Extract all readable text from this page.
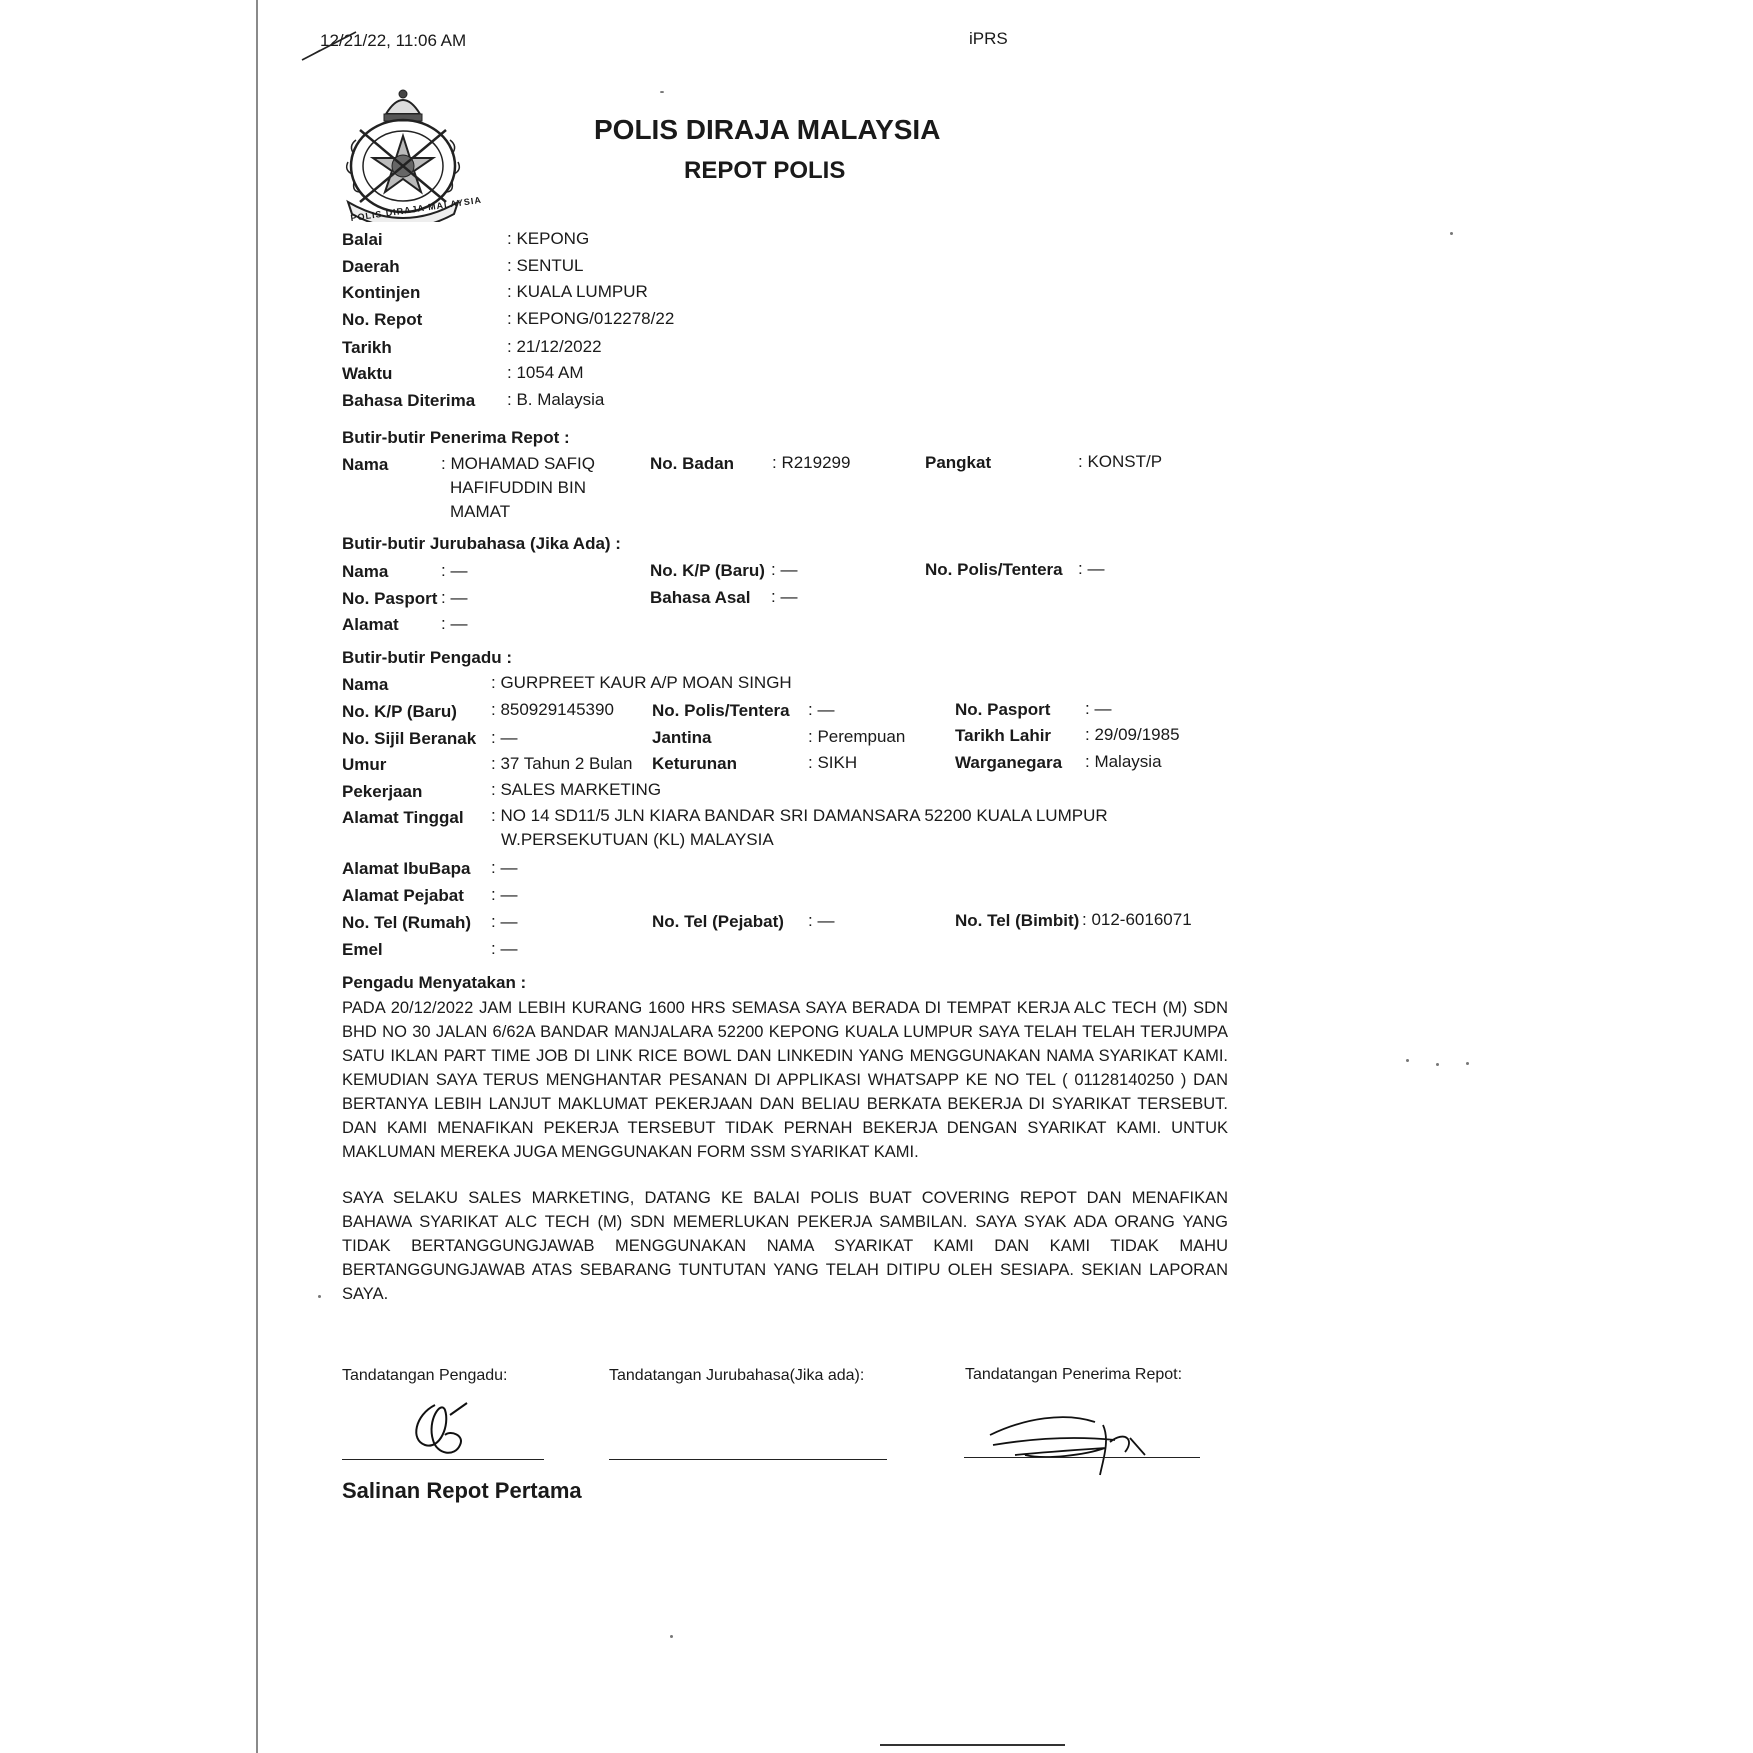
12/21/22, 11:06 AM	iPRS
POLIS DIRAJA MALAYSIA
POLIS DIRAJA MALAYSIA
REPOT POLIS
Balai	: KEPONG
Daerah	: SENTUL
Kontinjen	: KUALA LUMPUR
No. Repot	: KEPONG/012278/22
Tarikh	: 21/12/2022
Waktu	: 1054 AM
Bahasa Diterima : B. Malaysia
Butir-butir Penerima Repot :
Nama	: MOHAMAD SAFIQ
HAFIFUDDIN BIN
MAMAT
No. Badan : R219299	Pangkat	: KONST/P
Butir-butir Jurubahasa (Jika Ada) :
Nama	: —	No. K/P (Baru) : —	No. Polis/Tentera : —
No. Pasport : —	Bahasa Asal : —
Alamat : —
Butir-butir Pengadu :
Nama	: GURPREET KAUR A/P MOAN SINGH
No. K/P (Baru) : 850929145390 No. Polis/Tentera : —	No. Pasport : —
No. Sijil Beranak : —	Jantina	: Perempuan	Tarikh Lahir : 29/09/1985
Umur	: 37 Tahun 2 Bulan Keturunan	: SIKH	Warganegara : Malaysia
Pekerjaan	: SALES MARKETING
Alamat Tinggal : NO 14 SD11/5 JLN KIARA BANDAR SRI DAMANSARA 52200 KUALA LUMPUR
W.PERSEKUTUAN (KL) MALAYSIA
Alamat IbuBapa : —
Alamat Pejabat : —
No. Tel (Rumah) : —	No. Tel (Pejabat) : —	No. Tel (Bimbit) : 012-6016071
Emel	: —
Pengadu Menyatakan :
PADA 20/12/2022 JAM LEBIH KURANG 1600 HRS SEMASA SAYA BERADA DI TEMPAT KERJA ALC TECH (M) SDN BHD NO 30 JALAN 6/62A BANDAR MANJALARA 52200 KEPONG KUALA LUMPUR SAYA TELAH TELAH TERJUMPA SATU IKLAN PART TIME JOB DI LINK RICE BOWL DAN LINKEDIN YANG MENGGUNAKAN NAMA SYARIKAT KAMI. KEMUDIAN SAYA TERUS MENGHANTAR PESANAN DI APPLIKASI WHATSAPP KE NO TEL ( 01128140250 ) DAN BERTANYA LEBIH LANJUT MAKLUMAT PEKERJAAN DAN BELIAU BERKATA BEKERJA DI SYARIKAT TERSEBUT. DAN KAMI MENAFIKAN PEKERJA TERSEBUT TIDAK PERNAH BEKERJA DENGAN SYARIKAT KAMI. UNTUK MAKLUMAN MEREKA JUGA MENGGUNAKAN FORM SSM SYARIKAT KAMI.
SAYA SELAKU SALES MARKETING, DATANG KE BALAI POLIS BUAT COVERING REPOT DAN MENAFIKAN BAHAWA SYARIKAT ALC TECH (M) SDN MEMERLUKAN PEKERJA SAMBILAN. SAYA SYAK ADA ORANG YANG TIDAK BERTANGGUNGJAWAB MENGGUNAKAN NAMA SYARIKAT KAMI DAN KAMI TIDAK MAHU BERTANGGUNGJAWAB ATAS SEBARANG TUNTUTAN YANG TELAH DITIPU OLEH SESIAPA. SEKIAN LAPORAN SAYA.
Tandatangan Pengadu:	Tandatangan Jurubahasa(Jika ada):	Tandatangan Penerima Repot:
Salinan Repot Pertama
